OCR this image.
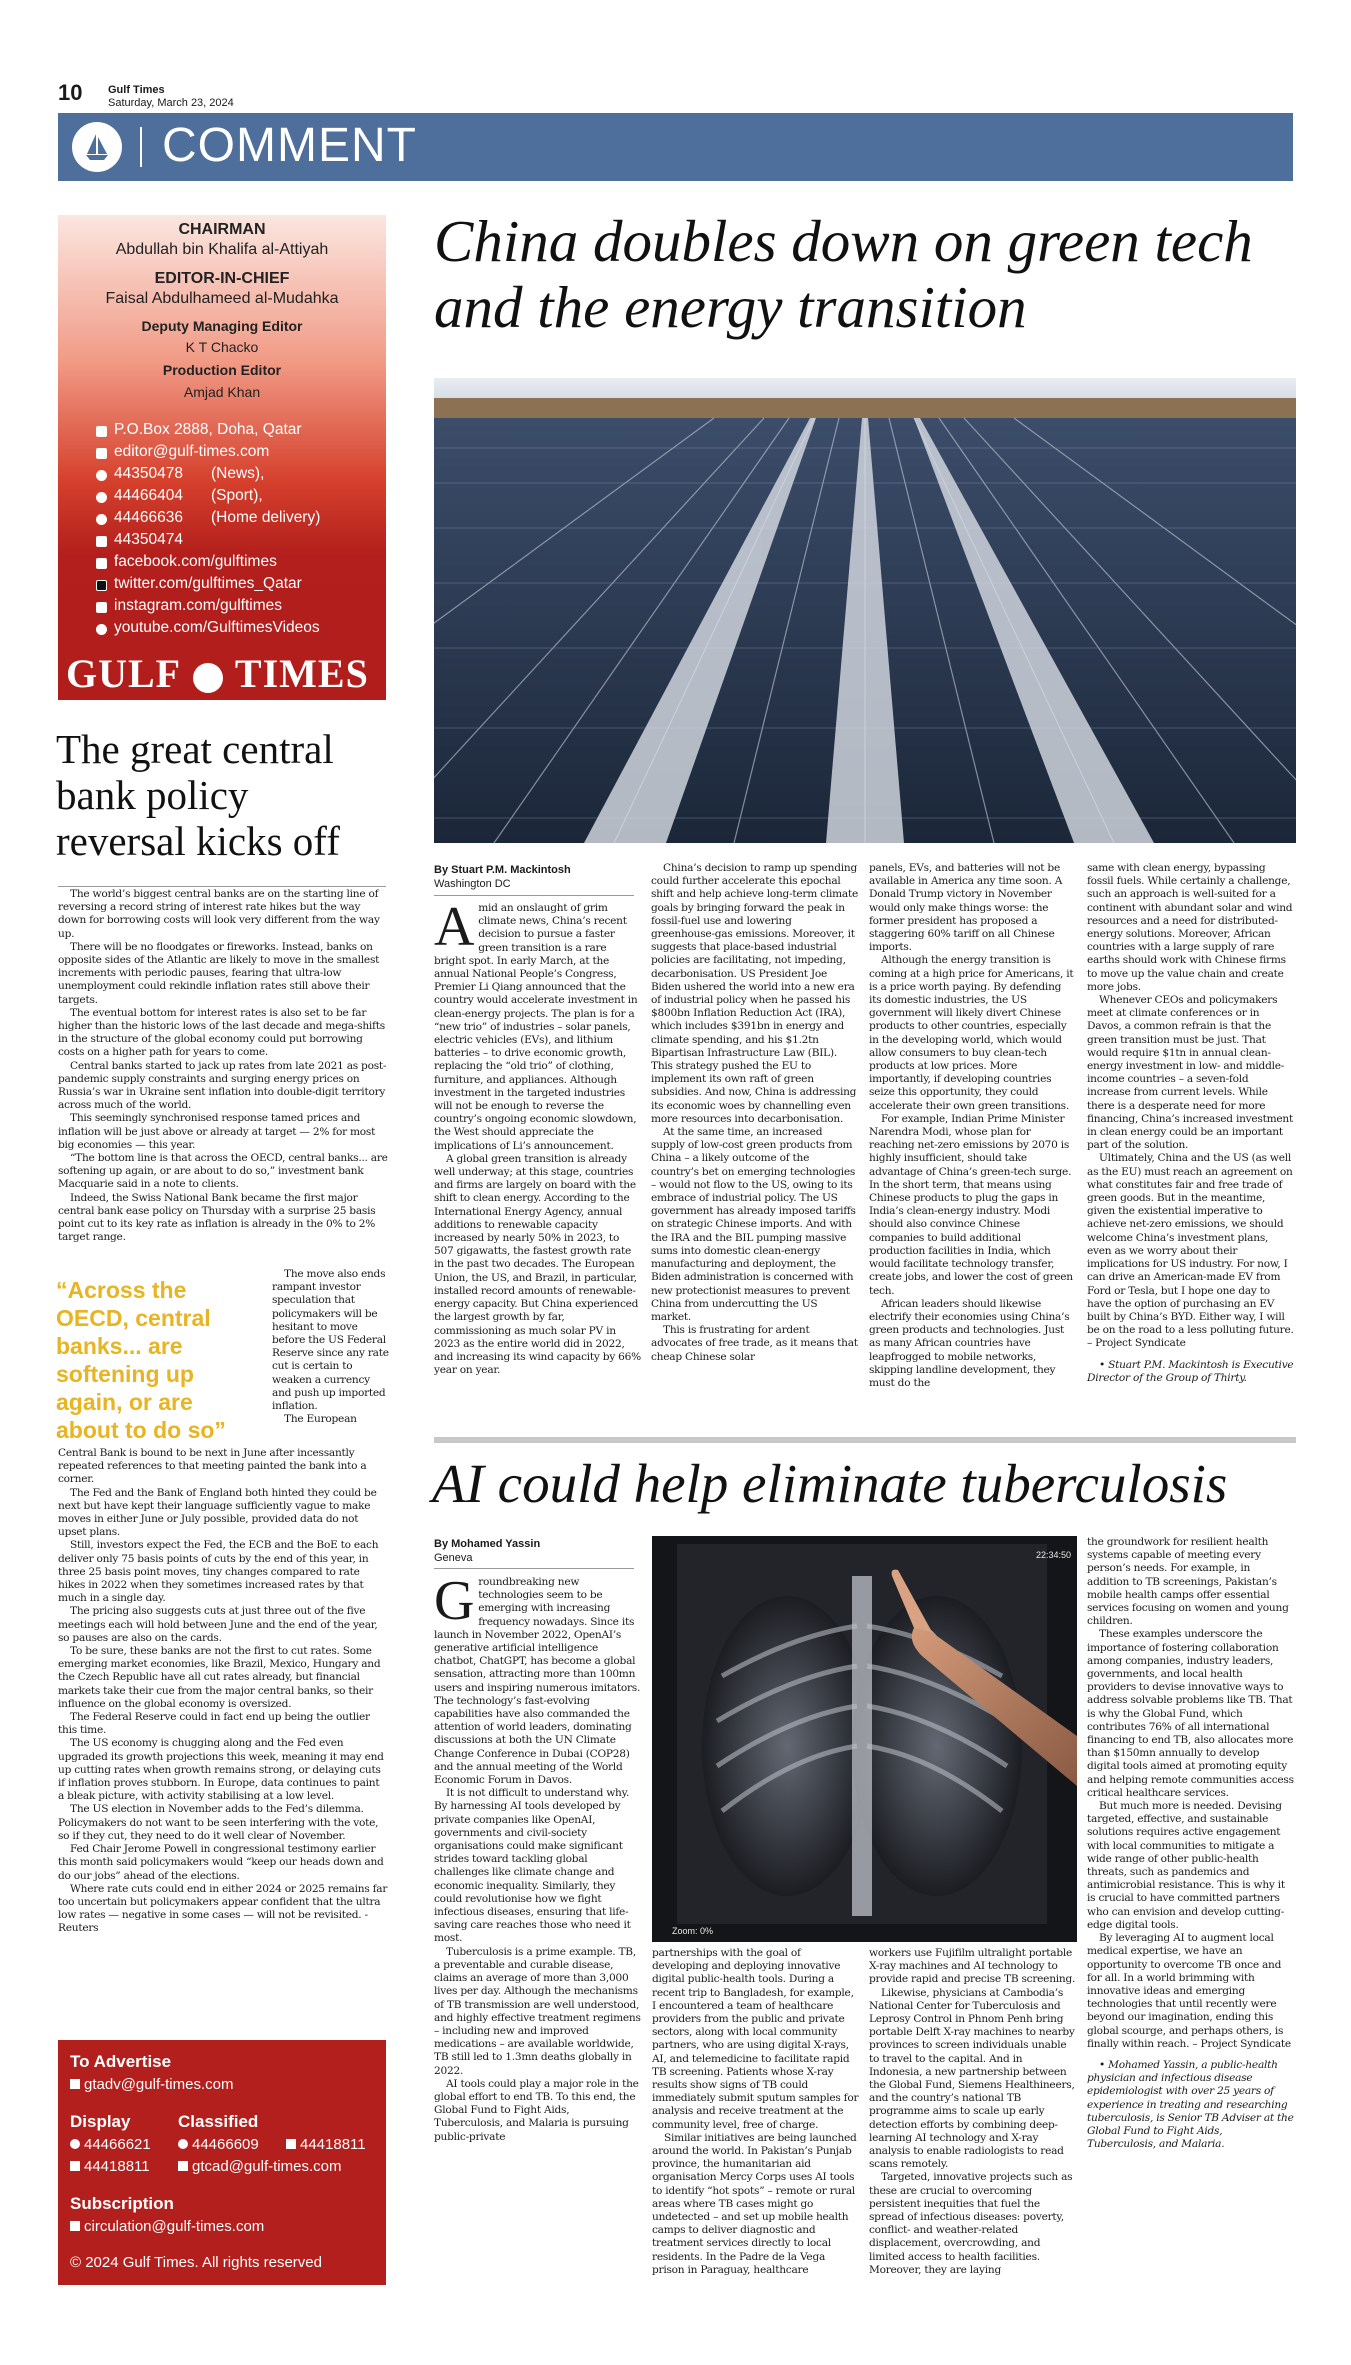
10 Gulf Times
Saturday, March 23, 2024
COMMENT
CHAIRMAN
Abdullah bin Khalifa al-Attiyah
EDITOR-IN-CHIEF
Faisal Abdulhameed al-Mudahka
Deputy Managing Editor
K T Chacko
Production Editor
Amjad Khan
P.O.Box 2888, Doha, Qatar
editor@gulf-times.com
44350478 (News),
44466404 (Sport),
44466636 (Home delivery)
44350474
facebook.com/gulftimes
twitter.com/gulftimes_Qatar
instagram.com/gulftimes
youtube.com/GulftimesVideos
GULF TIMES
The great central bank policy reversal kicks off

The world’s biggest central banks are on the starting line of reversing a record string of interest rate hikes but the way down for borrowing costs will look very different from the way up.

There will be no floodgates or fireworks. Instead, banks on opposite sides of the Atlantic are likely to move in the smallest increments with periodic pauses, fearing that ultra-low unemployment could rekindle inflation rates still above their targets.

The eventual bottom for interest rates is also set to be far higher than the historic lows of the last decade and mega-shifts in the structure of the global economy could put borrowing costs on a higher path for years to come.

Central banks started to jack up rates from late 2021 as post-pandemic supply constraints and surging energy prices on Russia’s war in Ukraine sent inflation into double-digit territory across much of the world.

This seemingly synchronised response tamed prices and inflation will be just above or already at target — 2% for most big economies — this year.

“The bottom line is that across the OECD, central banks... are softening up again, or are about to do so,” investment bank Macquarie said in a note to clients.

Indeed, the Swiss National Bank became the first major central bank ease policy on Thursday with a surprise 25 basis point cut to its key rate as inflation is already in the 0% to 2% target range.

“Across the OECD, central banks... are softening up again, or are about to do so”

The move also ends rampant investor speculation that policymakers will be hesitant to move before the US Federal Reserve since any rate cut is certain to weaken a currency and push up imported inflation.

The European

Central Bank is bound to be next in June after incessantly repeated references to that meeting painted the bank into a corner.

The Fed and the Bank of England both hinted they could be next but have kept their language sufficiently vague to make moves in either June or July possible, provided data do not upset plans.

Still, investors expect the Fed, the ECB and the BoE to each deliver only 75 basis points of cuts by the end of this year, in three 25 basis point moves, tiny changes compared to rate hikes in 2022 when they sometimes increased rates by that much in a single day.

The pricing also suggests cuts at just three out of the five meetings each will hold between June and the end of the year, so pauses are also on the cards.

To be sure, these banks are not the first to cut rates. Some emerging market economies, like Brazil, Mexico, Hungary and the Czech Republic have all cut rates already, but financial markets take their cue from the major central banks, so their influence on the global economy is oversized.

The Federal Reserve could in fact end up being the outlier this time.

The US economy is chugging along and the Fed even upgraded its growth projections this week, meaning it may end up cutting rates when growth remains strong, or delaying cuts if inflation proves stubborn. In Europe, data continues to paint a bleak picture, with activity stabilising at a low level.

The US election in November adds to the Fed’s dilemma. Policymakers do not want to be seen interfering with the vote, so if they cut, they need to do it well clear of November.

Fed Chair Jerome Powell in congressional testimony earlier this month said policymakers would “keep our heads down and do our jobs” ahead of the elections.

Where rate cuts could end in either 2024 or 2025 remains far too uncertain but policymakers appear confident that the ultra low rates — negative in some cases — will not be revisited. - Reuters

To Advertise
gtadv@gulf-times.com
Display
44466621
44418811
Classified
44466609	44418811
gtcad@gulf-times.com
Subscription
circulation@gulf-times.com
© 2024 Gulf Times. All rights reserved
China doubles down on green tech and the energy transition
By Stuart P.M. Mackintosh
Washington DC
A mid an onslaught of grim climate news, China’s recent decision to pursue a faster green transition is a rare bright spot. In early March, at the annual National People’s Congress, Premier Li Qiang announced that the country would accelerate investment in clean-energy projects. The plan is for a “new trio” of industries – solar panels, electric vehicles (EVs), and lithium batteries – to drive economic growth, replacing the “old trio” of clothing, furniture, and appliances. Although investment in the targeted industries will not be enough to reverse the country’s ongoing economic slowdown, the West should appreciate the implications of Li’s announcement.

A global green transition is already well underway; at this stage, countries and firms are largely on board with the shift to clean energy. According to the International Energy Agency, annual additions to renewable capacity increased by nearly 50% in 2023, to 507 gigawatts, the fastest growth rate in the past two decades. The European Union, the US, and Brazil, in particular, installed record amounts of renewable-energy capacity. But China experienced the largest growth by far, commissioning as much solar PV in 2023 as the entire world did in 2022, and increasing its wind capacity by 66% year on year.

China’s decision to ramp up spending could further accelerate this epochal shift and help achieve long-term climate goals by bringing forward the peak in fossil-fuel use and lowering greenhouse-gas emissions. Moreover, it suggests that place-based industrial policies are facilitating, not impeding, decarbonisation. US President Joe Biden ushered the world into a new era of industrial policy when he passed his $800bn Inflation Reduction Act (IRA), which includes $391bn in energy and climate spending, and his $1.2tn Bipartisan Infrastructure Law (BIL). This strategy pushed the EU to implement its own raft of green subsidies. And now, China is addressing its economic woes by channelling even more resources into decarbonisation.

At the same time, an increased supply of low-cost green products from China – a likely outcome of the country’s bet on emerging technologies – would not flow to the US, owing to its embrace of industrial policy. The US government has already imposed tariffs on strategic Chinese imports. And with the IRA and the BIL pumping massive sums into domestic clean-energy manufacturing and deployment, the Biden administration is concerned with new protectionist measures to prevent China from undercutting the US market.

This is frustrating for ardent advocates of free trade, as it means that cheap Chinese solar

panels, EVs, and batteries will not be available in America any time soon. A Donald Trump victory in November would only make things worse: the former president has proposed a staggering 60% tariff on all Chinese imports.

Although the energy transition is coming at a high price for Americans, it is a price worth paying. By defending its domestic industries, the US government will likely divert Chinese products to other countries, especially in the developing world, which would allow consumers to buy clean-tech products at low prices. More importantly, if developing countries seize this opportunity, they could accelerate their own green transitions.

For example, Indian Prime Minister Narendra Modi, whose plan for reaching net-zero emissions by 2070 is highly insufficient, should take advantage of China’s green-tech surge. In the short term, that means using Chinese products to plug the gaps in India’s clean-energy industry. Modi should also convince Chinese companies to build additional production facilities in India, which would facilitate technology transfer, create jobs, and lower the cost of green tech.

African leaders should likewise electrify their economies using China’s green products and technologies. Just as many African countries have leapfrogged to mobile networks, skipping landline development, they must do the

same with clean energy, bypassing fossil fuels. While certainly a challenge, such an approach is well-suited for a continent with abundant solar and wind resources and a need for distributed-energy solutions. Moreover, African countries with a large supply of rare earths should work with Chinese firms to move up the value chain and create more jobs.

Whenever CEOs and policymakers meet at climate conferences or in Davos, a common refrain is that the green transition must be just. That would require $1tn in annual clean-energy investment in low- and middle-income countries – a seven-fold increase from current levels. While there is a desperate need for more financing, China’s increased investment in clean energy could be an important part of the solution.

Ultimately, China and the US (as well as the EU) must reach an agreement on what constitutes fair and free trade of green goods. But in the meantime, given the existential imperative to achieve net-zero emissions, we should welcome China’s investment plans, even as we worry about their implications for US industry. For now, I can drive an American-made EV from Ford or Tesla, but I hope one day to have the option of purchasing an EV built by China’s BYD. Either way, I will be on the road to a less polluting future. – Project Syndicate

• Stuart P.M. Mackintosh is Executive Director of the Group of Thirty.

AI could help eliminate tuberculosis
By Mohamed Yassin
Geneva
G roundbreaking new technologies seem to be emerging with increasing frequency nowadays. Since its launch in November 2022, OpenAI’s generative artificial intelligence chatbot, ChatGPT, has become a global sensation, attracting more than 100mn users and inspiring numerous imitators. The technology’s fast-evolving capabilities have also commanded the attention of world leaders, dominating discussions at both the UN Climate Change Conference in Dubai (COP28) and the annual meeting of the World Economic Forum in Davos.

It is not difficult to understand why. By harnessing AI tools developed by private companies like OpenAI, governments and civil-society organisations could make significant strides toward tackling global challenges like climate change and economic inequality. Similarly, they could revolutionise how we fight infectious diseases, ensuring that life-saving care reaches those who need it most.

Tuberculosis is a prime example. TB, a preventable and curable disease, claims an average of more than 3,000 lives per day. Although the mechanisms of TB transmission are well understood, and highly effective treatment regimens – including new and improved medications – are available worldwide, TB still led to 1.3mn deaths globally in 2022.

AI tools could play a major role in the global effort to end TB. To this end, the Global Fund to Fight Aids, Tuberculosis, and Malaria is pursuing public-private

22:34:50
Zoom: 0%

partnerships with the goal of developing and deploying innovative digital public-health tools. During a recent trip to Bangladesh, for example, I encountered a team of healthcare providers from the public and private sectors, along with local community partners, who are using digital X-rays, AI, and telemedicine to facilitate rapid TB screening. Patients whose X-ray results show signs of TB could immediately submit sputum samples for analysis and receive treatment at the community level, free of charge.

Similar initiatives are being launched around the world. In Pakistan’s Punjab province, the humanitarian aid organisation Mercy Corps uses AI tools to identify “hot spots” – remote or rural areas where TB cases might go undetected – and set up mobile health camps to deliver diagnostic and treatment services directly to local residents. In the Padre de la Vega prison in Paraguay, healthcare

workers use Fujifilm ultralight portable X-ray machines and AI technology to provide rapid and precise TB screening.

Likewise, physicians at Cambodia’s National Center for Tuberculosis and Leprosy Control in Phnom Penh bring portable Delft X-ray machines to nearby provinces to screen individuals unable to travel to the capital. And in Indonesia, a new partnership between the Global Fund, Siemens Healthineers, and the country’s national TB programme aims to scale up early detection efforts by combining deep-learning AI technology and X-ray analysis to enable radiologists to read scans remotely.

Targeted, innovative projects such as these are crucial to overcoming persistent inequities that fuel the spread of infectious diseases: poverty, conflict- and weather-related displacement, overcrowding, and limited access to health facilities. Moreover, they are laying

the groundwork for resilient health systems capable of meeting every person’s needs. For example, in addition to TB screenings, Pakistan’s mobile health camps offer essential services focusing on women and young children.

These examples underscore the importance of fostering collaboration among companies, industry leaders, governments, and local health providers to devise innovative ways to address solvable problems like TB. That is why the Global Fund, which contributes 76% of all international financing to end TB, also allocates more than $150mn annually to develop digital tools aimed at promoting equity and helping remote communities access critical healthcare services.

But much more is needed. Devising targeted, effective, and sustainable solutions requires active engagement with local communities to mitigate a wide range of other public-health threats, such as pandemics and antimicrobial resistance. This is why it is crucial to have committed partners who can envision and develop cutting-edge digital tools.

By leveraging AI to augment local medical expertise, we have an opportunity to overcome TB once and for all. In a world brimming with innovative ideas and emerging technologies that until recently were beyond our imagination, ending this global scourge, and perhaps others, is finally within reach. – Project Syndicate

• Mohamed Yassin, a public-health physician and infectious disease epidemiologist with over 25 years of experience in treating and researching tuberculosis, is Senior TB Adviser at the Global Fund to Fight Aids, Tuberculosis, and Malaria.
